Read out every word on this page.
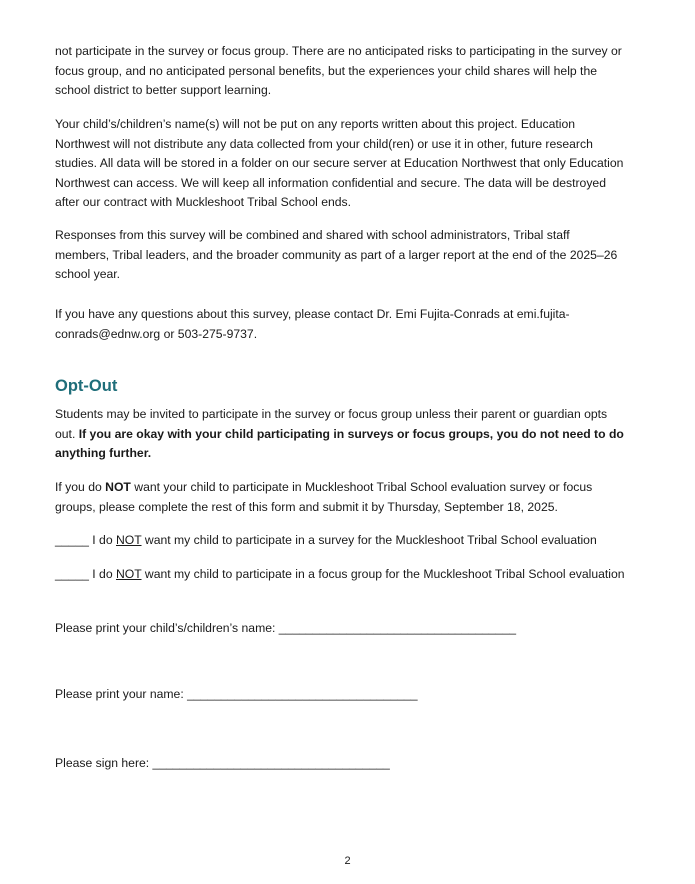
not participate in the survey or focus group. There are no anticipated risks to participating in the survey or focus group, and no anticipated personal benefits, but the experiences your child shares will help the school district to better support learning.

Your child’s/children’s name(s) will not be put on any reports written about this project. Education Northwest will not distribute any data collected from your child(ren) or use it in other, future research studies. All data will be stored in a folder on our secure server at Education Northwest that only Education Northwest can access. We will keep all information confidential and secure. The data will be destroyed after our contract with Muckleshoot Tribal School ends.

Responses from this survey will be combined and shared with school administrators, Tribal staff members, Tribal leaders, and the broader community as part of a larger report at the end of the 2025–26 school year.

If you have any questions about this survey, please contact Dr. Emi Fujita-Conrads at emi.fujita-conrads@ednw.org or 503-275-9737.

Opt-Out

Students may be invited to participate in the survey or focus group unless their parent or guardian opts out. If you are okay with your child participating in surveys or focus groups, you do not need to do anything further.

If you do NOT want your child to participate in Muckleshoot Tribal School evaluation survey or focus groups, please complete the rest of this form and submit it by Thursday, September 18, 2025.

_____ I do NOT want my child to participate in a survey for the Muckleshoot Tribal School evaluation

_____ I do NOT want my child to participate in a focus group for the Muckleshoot Tribal School evaluation

Please print your child’s/children’s name: ___________________________________

Please print your name: __________________________________

Please sign here: ___________________________________

2
